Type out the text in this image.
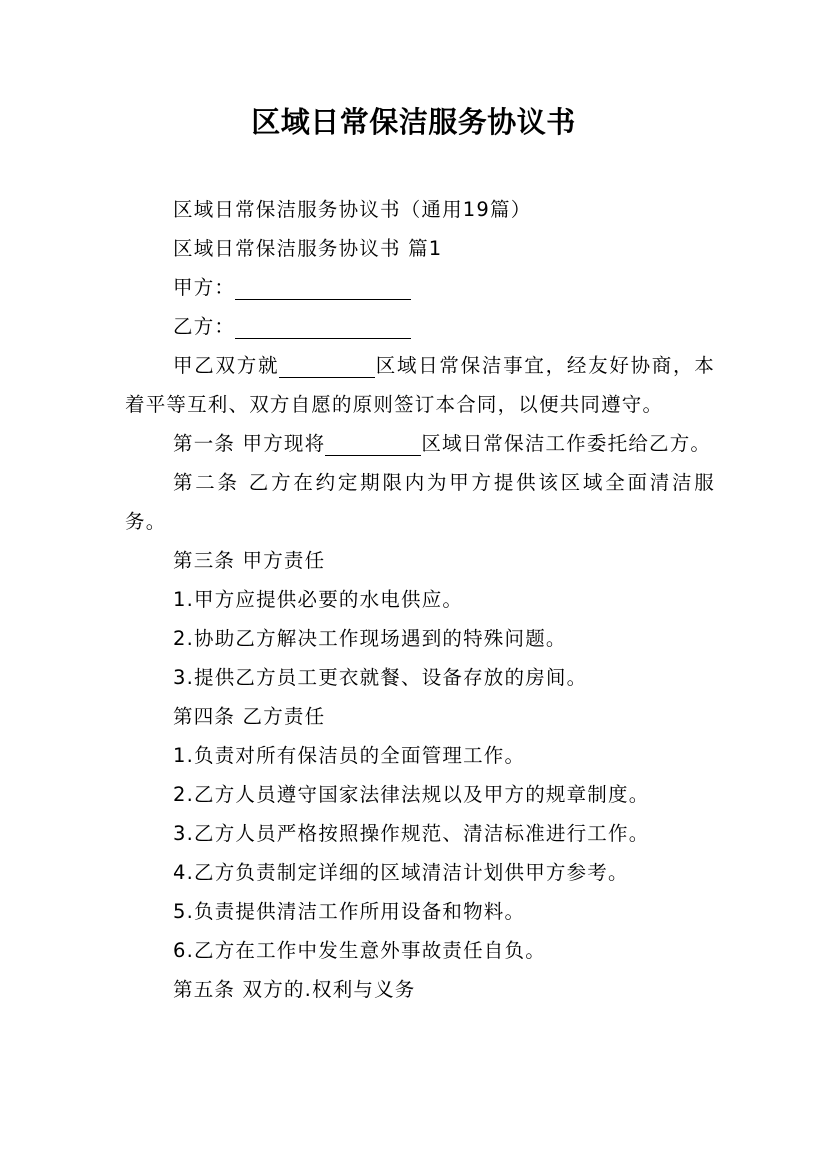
区域日常保洁服务协议书

区域日常保洁服务协议书（通用19篇）

区域日常保洁服务协议书 篇1

甲方：

乙方：

甲乙双方就	区域日常保洁事宜，经友好协商，本着平等互利、双方自愿的原则签订本合同，以便共同遵守。

第一条 甲方现将	区域日常保洁工作委托给乙方。

第二条 乙方在约定期限内为甲方提供该区域全面清洁服务。

第三条 甲方责任

1.甲方应提供必要的水电供应。

2.协助乙方解决工作现场遇到的特殊问题。

3.提供乙方员工更衣就餐、设备存放的房间。

第四条 乙方责任

1.负责对所有保洁员的全面管理工作。

2.乙方人员遵守国家法律法规以及甲方的规章制度。

3.乙方人员严格按照操作规范、清洁标准进行工作。

4.乙方负责制定详细的区域清洁计划供甲方参考。

5.负责提供清洁工作所用设备和物料。

6.乙方在工作中发生意外事故责任自负。

第五条 双方的.权利与义务
